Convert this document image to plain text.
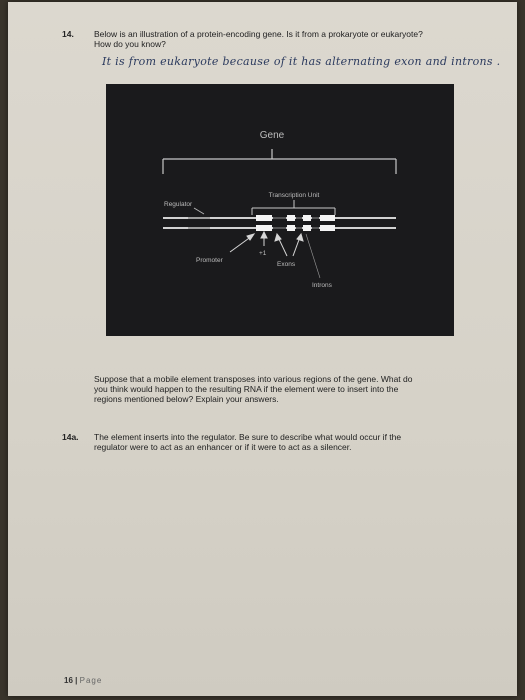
14. Below is an illustration of a protein-encoding gene. Is it from a prokaryote or eukaryote?
How do you know?
It is from eukaryote because of it has alternating exon and introns .
Gene
Transcription Unit
Regulator
Promoter
+1
Exons
Introns
Suppose that a mobile element transposes into various regions of the gene. What do
you think would happen to the resulting RNA if the element were to insert into the
regions mentioned below? Explain your answers.
14a. The element inserts into the regulator. Be sure to describe what would occur if the
regulator were to act as an enhancer or if it were to act as a silencer.
16 | Page
